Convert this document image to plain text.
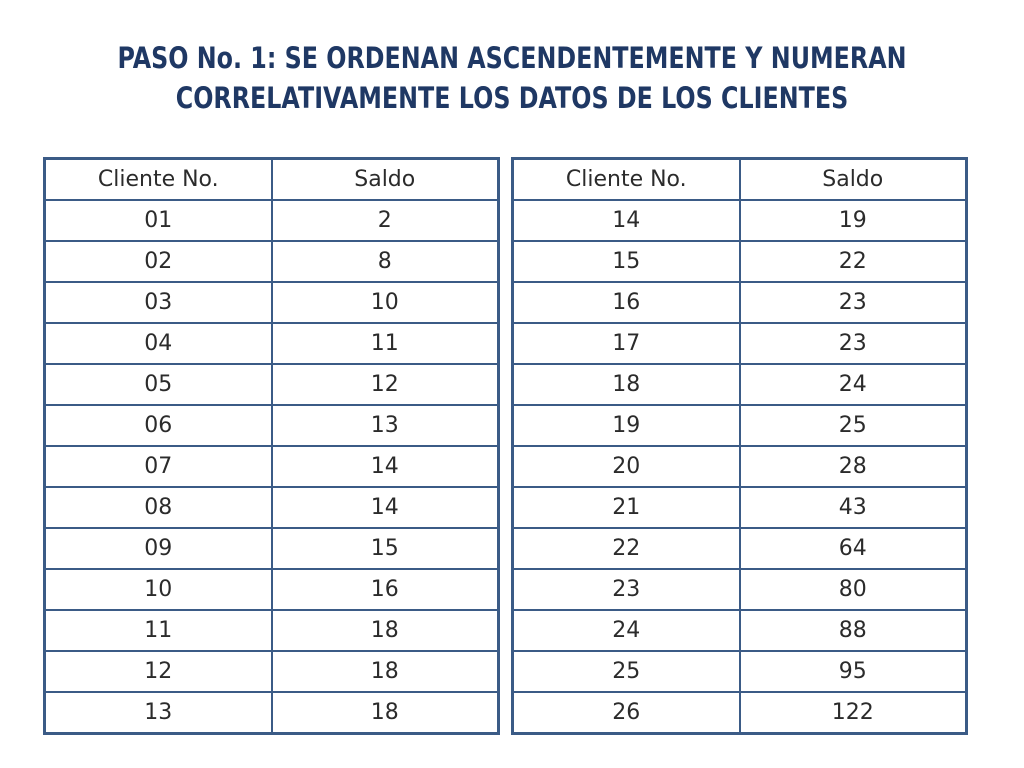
PASO No. 1: SE ORDENAN ASCENDENTEMENTE Y NUMERAN
CORRELATIVAMENTE LOS DATOS DE LOS CLIENTES
Cliente No.	Saldo
01	2
02	8
03	10
04	11
05	12
06	13
07	14
08	14
09	15
10	16
11	18
12	18
13	18
Cliente No.	Saldo
14	19
15	22
16	23
17	23
18	24
19	25
20	28
21	43
22	64
23	80
24	88
25	95
26	122
